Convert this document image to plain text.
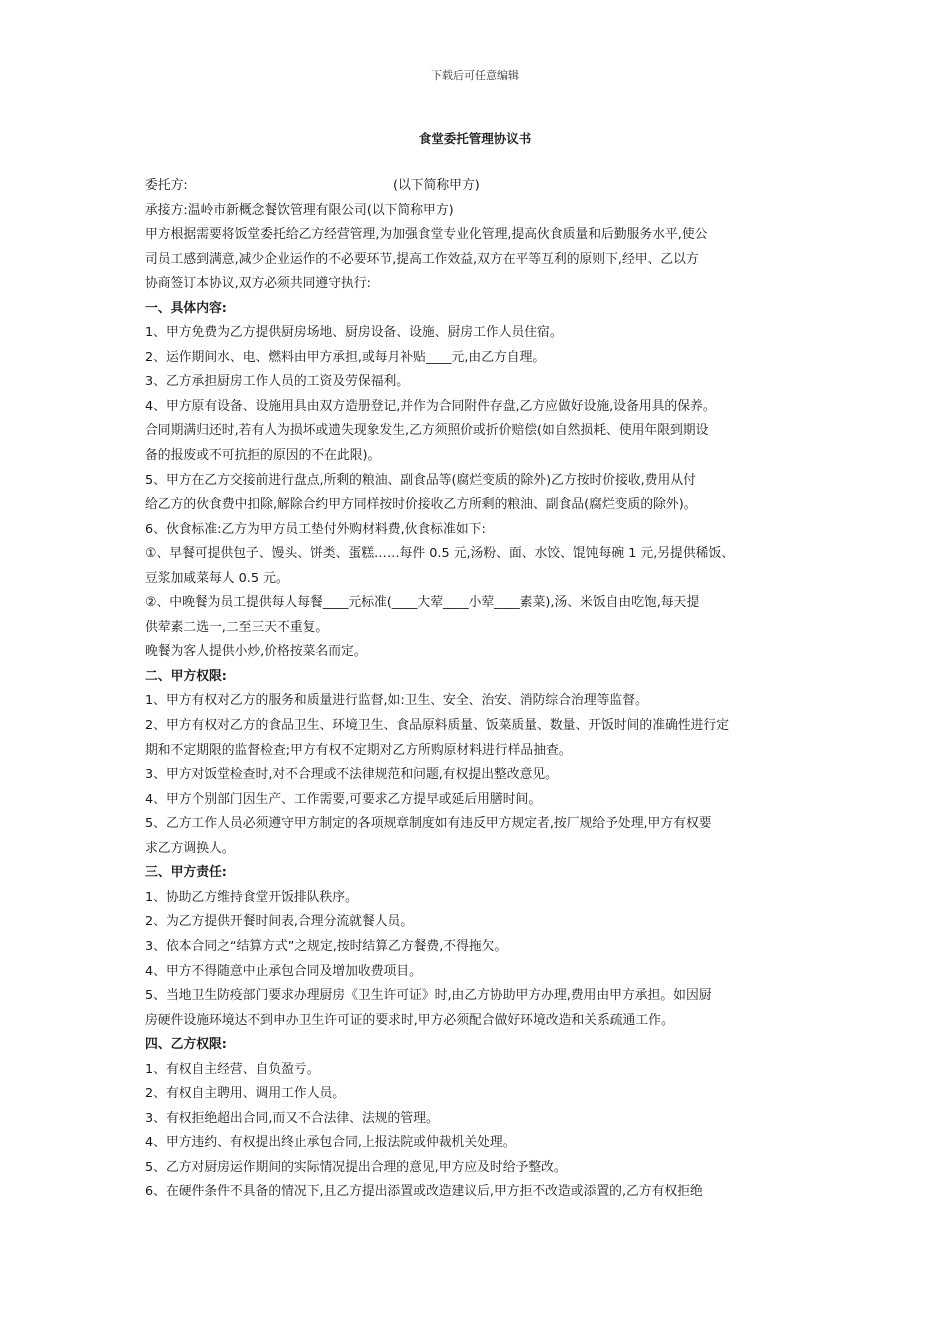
下载后可任意编辑
食堂委托管理协议书
委托方:	(以下简称甲方)
承接方:温岭市新概念餐饮管理有限公司(以下简称甲方)
甲方根据需要将饭堂委托给乙方经营管理,为加强食堂专业化管理,提高伙食质量和后勤服务水平,使公
司员工感到满意,减少企业运作的不必要环节,提高工作效益,双方在平等互利的原则下,经甲、乙以方
协商签订本协议,双方必须共同遵守执行:
一、具体内容:
1、甲方免费为乙方提供厨房场地、厨房设备、设施、厨房工作人员住宿。
2、运作期间水、电、燃料由甲方承担,或每月补贴____元,由乙方自理。
3、乙方承担厨房工作人员的工资及劳保福利。
4、甲方原有设备、设施用具由双方造册登记,并作为合同附件存盘,乙方应做好设施,设备用具的保养。
合同期满归还时,若有人为损坏或遗失现象发生,乙方须照价或折价赔偿(如自然损耗、使用年限到期设
备的报废或不可抗拒的原因的不在此限)。
5、甲方在乙方交接前进行盘点,所剩的粮油、副食品等(腐烂变质的除外)乙方按时价接收,费用从付
给乙方的伙食费中扣除,解除合约甲方同样按时价接收乙方所剩的粮油、副食品(腐烂变质的除外)。
6、伙食标准:乙方为甲方员工垫付外购材料费,伙食标准如下:
①、早餐可提供包子、馒头、饼类、蛋糕……每件 0.5 元,汤粉、面、水饺、馄饨每碗 1 元,另提供稀饭、
豆浆加咸菜每人 0.5 元。
②、中晚餐为员工提供每人每餐____元标准(____大荤____小荤____素菜),汤、米饭自由吃饱,每天提
供荤素二选一,二至三天不重复。
晚餐为客人提供小炒,价格按菜名而定。
二、甲方权限:
1、甲方有权对乙方的服务和质量进行监督,如:卫生、安全、治安、消防综合治理等监督。
2、甲方有权对乙方的食品卫生、环境卫生、食品原料质量、饭菜质量、数量、开饭时间的准确性进行定
期和不定期限的监督检查;甲方有权不定期对乙方所购原材料进行样品抽查。
3、甲方对饭堂检查时,对不合理或不法律规范和问题,有权提出整改意见。
4、甲方个别部门因生产、工作需要,可要求乙方提早或延后用膳时间。
5、乙方工作人员必须遵守甲方制定的各项规章制度如有违反甲方规定者,按厂规给予处理,甲方有权要
求乙方调换人。
三、甲方责任:
1、协助乙方维持食堂开饭排队秩序。
2、为乙方提供开餐时间表,合理分流就餐人员。
3、依本合同之“结算方式”之规定,按时结算乙方餐费,不得拖欠。
4、甲方不得随意中止承包合同及增加收费项目。
5、当地卫生防疫部门要求办理厨房《卫生许可证》时,由乙方协助甲方办理,费用由甲方承担。如因厨
房硬件设施环境达不到申办卫生许可证的要求时,甲方必须配合做好环境改造和关系疏通工作。
四、乙方权限:
1、有权自主经营、自负盈亏。
2、有权自主聘用、调用工作人员。
3、有权拒绝超出合同,而又不合法律、法规的管理。
4、甲方违约、有权提出终止承包合同,上报法院或仲裁机关处理。
5、乙方对厨房运作期间的实际情况提出合理的意见,甲方应及时给予整改。
6、在硬件条件不具备的情况下,且乙方提出添置或改造建议后,甲方拒不改造或添置的,乙方有权拒绝
